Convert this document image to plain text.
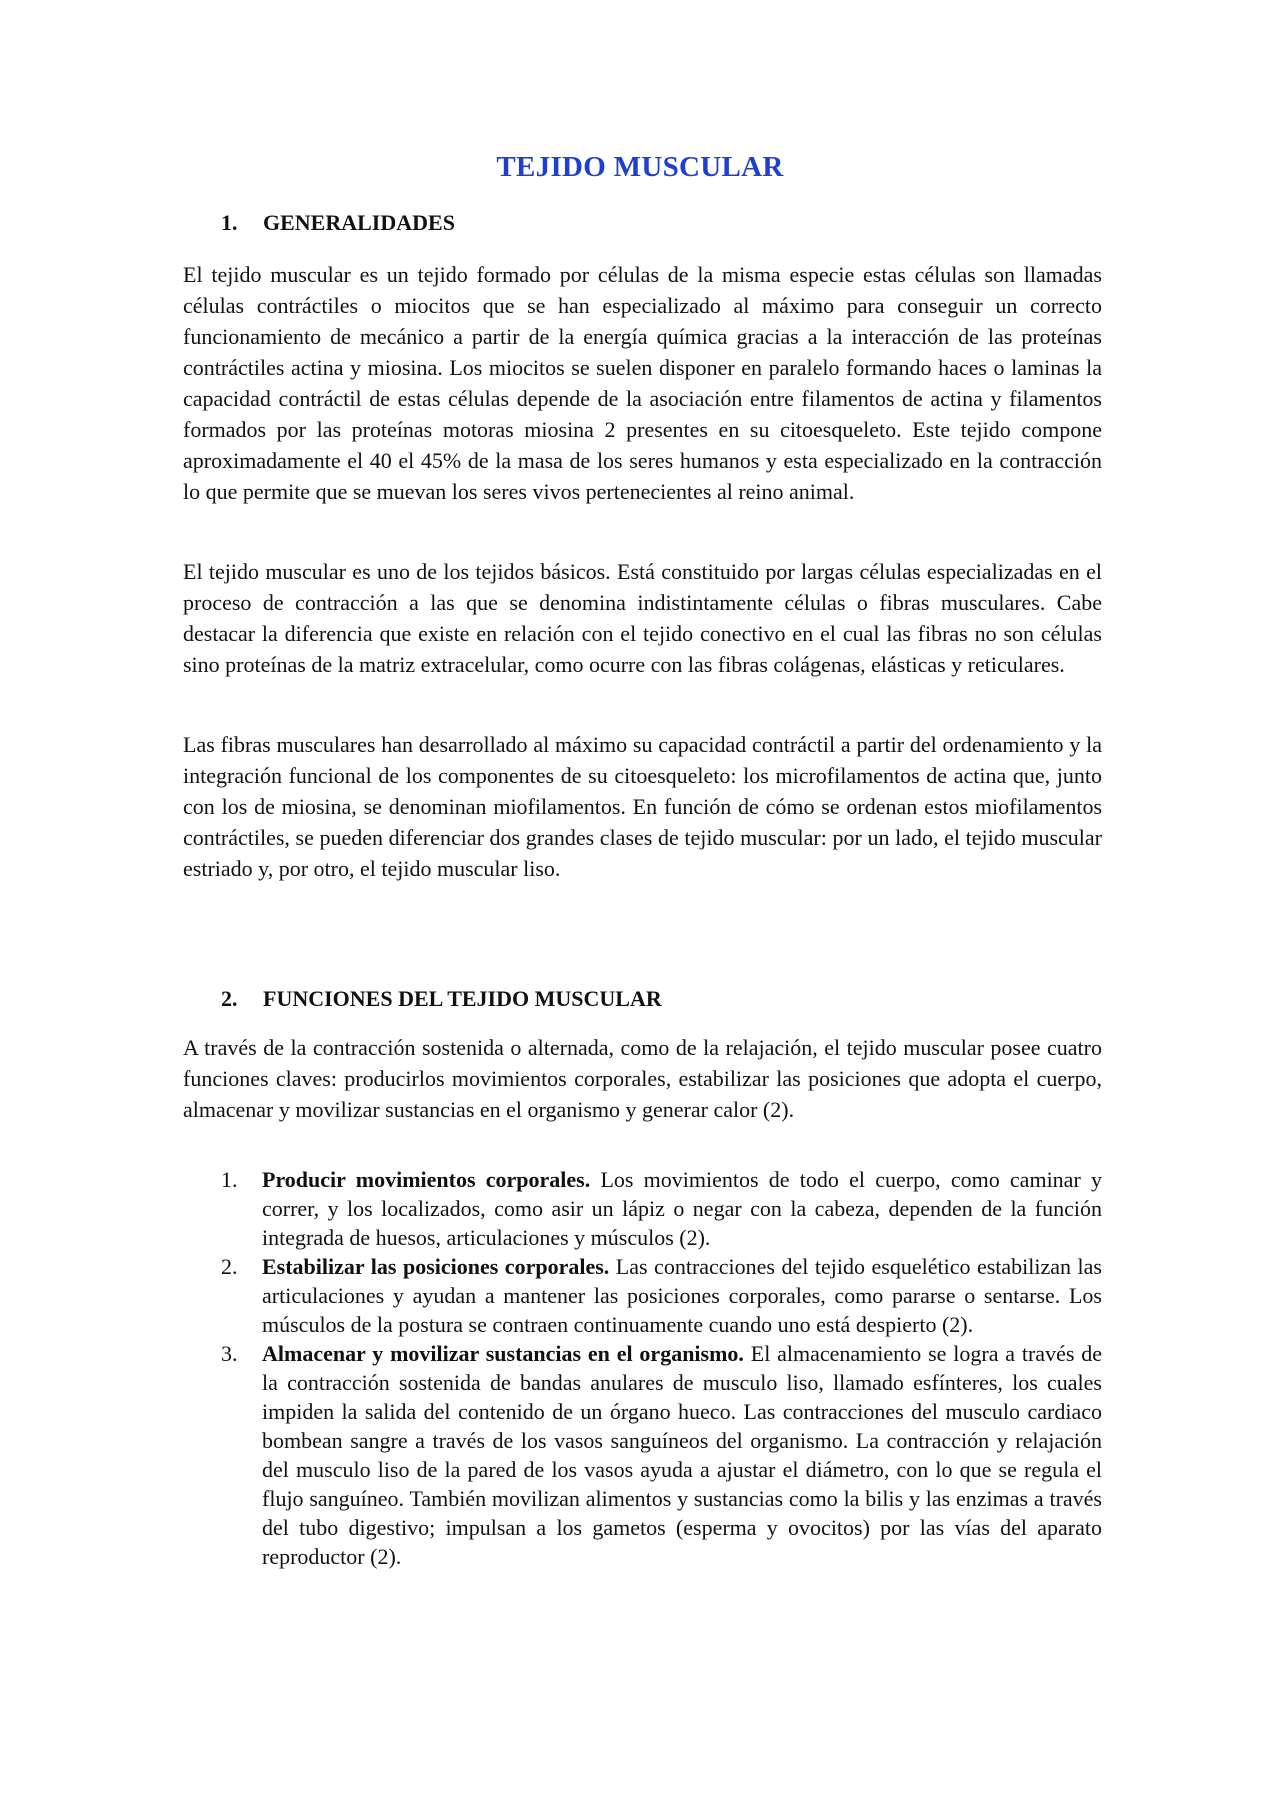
TEJIDO MUSCULAR
1. GENERALIDADES

El tejido muscular es un tejido formado por células de la misma especie estas células son llamadas células contráctiles o miocitos que se han especializado al máximo para conseguir un correcto funcionamiento de mecánico a partir de la energía química gracias a la interacción de las proteínas contráctiles actina y miosina. Los miocitos se suelen disponer en paralelo formando haces o laminas la capacidad contráctil de estas células depende de la asociación entre filamentos de actina y filamentos formados por las proteínas motoras miosina 2 presentes en su citoesqueleto. Este tejido compone aproximadamente el 40 el 45% de la masa de los seres humanos y esta especializado en la contracción lo que permite que se muevan los seres vivos pertenecientes al reino animal.

El tejido muscular es uno de los tejidos básicos. Está constituido por largas células especializadas en el proceso de contracción a las que se denomina indistintamente células o fibras musculares. Cabe destacar la diferencia que existe en relación con el tejido conectivo en el cual las fibras no son células sino proteínas de la matriz extracelular, como ocurre con las fibras colágenas, elásticas y reticulares.

Las fibras musculares han desarrollado al máximo su capacidad contráctil a partir del ordenamiento y la integración funcional de los componentes de su citoesqueleto: los microfilamentos de actina que, junto con los de miosina, se denominan miofilamentos. En función de cómo se ordenan estos miofilamentos contráctiles, se pueden diferenciar dos grandes clases de tejido muscular: por un lado, el tejido muscular estriado y, por otro, el tejido muscular liso.

2. FUNCIONES DEL TEJIDO MUSCULAR

A través de la contracción sostenida o alternada, como de la relajación, el tejido muscular posee cuatro funciones claves: producirlos movimientos corporales, estabilizar las posiciones que adopta el cuerpo, almacenar y movilizar sustancias en el organismo y generar calor (2).

1. Producir movimientos corporales. Los movimientos de todo el cuerpo, como caminar y correr, y los localizados, como asir un lápiz o negar con la cabeza, dependen de la función integrada de huesos, articulaciones y músculos (2).
2. Estabilizar las posiciones corporales. Las contracciones del tejido esquelético estabilizan las articulaciones y ayudan a mantener las posiciones corporales, como pararse o sentarse. Los músculos de la postura se contraen continuamente cuando uno está despierto (2).
3. Almacenar y movilizar sustancias en el organismo. El almacenamiento se logra a través de la contracción sostenida de bandas anulares de musculo liso, llamado esfínteres, los cuales impiden la salida del contenido de un órgano hueco. Las contracciones del musculo cardiaco bombean sangre a través de los vasos sanguíneos del organismo. La contracción y relajación del musculo liso de la pared de los vasos ayuda a ajustar el diámetro, con lo que se regula el flujo sanguíneo. También movilizan alimentos y sustancias como la bilis y las enzimas a través del tubo digestivo; impulsan a los gametos (esperma y ovocitos) por las vías del aparato reproductor (2).
